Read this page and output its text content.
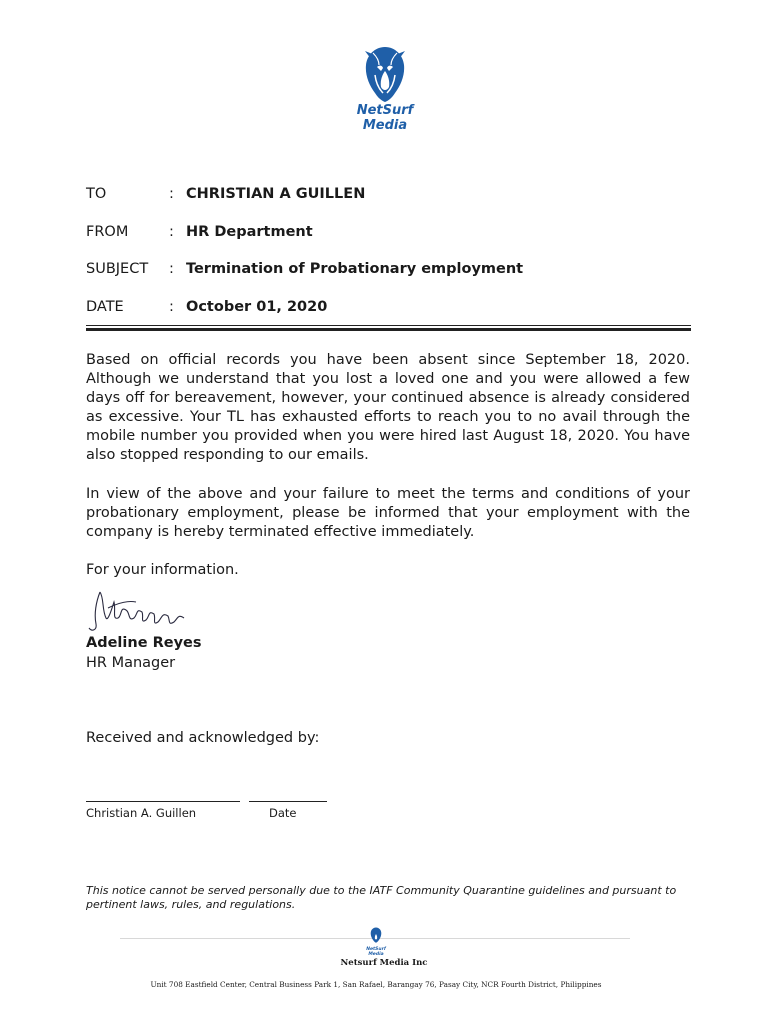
NetSurf
Media
TO	: CHRISTIAN A GUILLEN
FROM	: HR Department
SUBJECT : Termination of Probationary employment
DATE	: October 01, 2020

Based on official records you have been absent since September 18, 2020. Although we understand that you lost a loved one and you were allowed a few days off for bereavement, however, your continued absence is already considered as excessive. Your TL has exhausted efforts to reach you to no avail through the mobile number you provided when you were hired last August 18, 2020. You have also stopped responding to our emails.

In view of the above and your failure to meet the terms and conditions of your probationary employment, please be informed that your employment with the company is hereby terminated effective immediately.

For your information.

Adeline Reyes
HR Manager
Received and acknowledged by:
Christian A. Guillen	Date

This notice cannot be served personally due to the IATF Community Quarantine guidelines and pursuant to pertinent laws, rules, and regulations.

NetSurf
Media
Netsurf Media Inc
Unit 708 Eastfield Center, Central Business Park 1, San Rafael, Barangay 76, Pasay City, NCR Fourth District, Philippines
